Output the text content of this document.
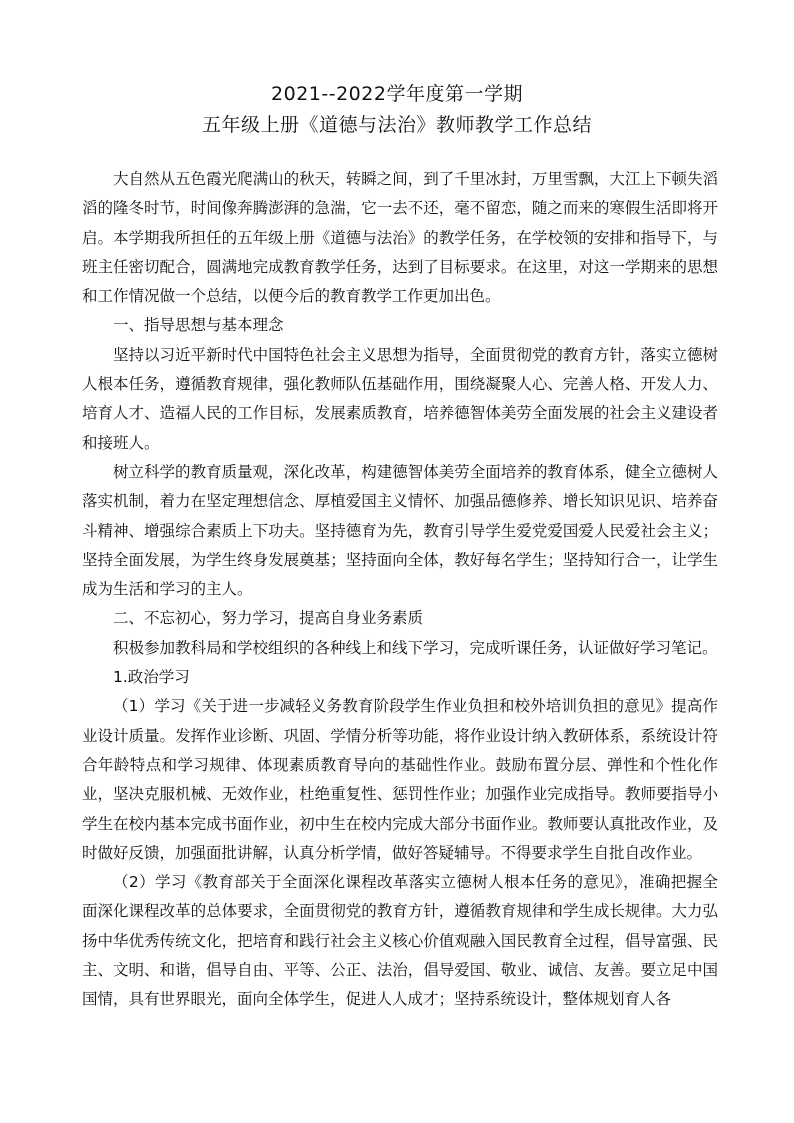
2021--2022学年度第一学期
五年级上册《道德与法治》教师教学工作总结

大自然从五色霞光爬满山的秋天，转瞬之间，到了千里冰封，万里雪飘，大江上下顿失滔滔的隆冬时节，时间像奔腾澎湃的急湍，它一去不还，毫不留恋，随之而来的寒假生活即将开启。本学期我所担任的五年级上册《道德与法治》的教学任务，在学校领的安排和指导下，与班主任密切配合，圆满地完成教育教学任务，达到了目标要求。在这里，对这一学期来的思想和工作情况做一个总结，以便今后的教育教学工作更加出色。

一、指导思想与基本理念

坚持以习近平新时代中国特色社会主义思想为指导，全面贯彻党的教育方针，落实立德树人根本任务，遵循教育规律，强化教师队伍基础作用，围绕凝聚人心、完善人格、开发人力、培育人才、造福人民的工作目标，发展素质教育，培养德智体美劳全面发展的社会主义建设者和接班人。

树立科学的教育质量观，深化改革，构建德智体美劳全面培养的教育体系，健全立德树人落实机制，着力在坚定理想信念、厚植爱国主义情怀、加强品德修养、增长知识见识、培养奋斗精神、增强综合素质上下功夫。坚持德育为先，教育引导学生爱党爱国爱人民爱社会主义；坚持全面发展，为学生终身发展奠基；坚持面向全体，教好每名学生；坚持知行合一，让学生成为生活和学习的主人。

二、不忘初心，努力学习，提高自身业务素质

积极参加教科局和学校组织的各种线上和线下学习，完成听课任务，认证做好学习笔记。

1.政治学习

（1）学习《关于进一步减轻义务教育阶段学生作业负担和校外培训负担的意见》提高作业设计质量。发挥作业诊断、巩固、学情分析等功能，将作业设计纳入教研体系，系统设计符合年龄特点和学习规律、体现素质教育导向的基础性作业。鼓励布置分层、弹性和个性化作业，坚决克服机械、无效作业，杜绝重复性、惩罚性作业；加强作业完成指导。教师要指导小学生在校内基本完成书面作业，初中生在校内完成大部分书面作业。教师要认真批改作业，及时做好反馈，加强面批讲解，认真分析学情，做好答疑辅导。不得要求学生自批自改作业。

（2）学习《教育部关于全面深化课程改革落实立德树人根本任务的意见》，准确把握全面深化课程改革的总体要求，全面贯彻党的教育方针，遵循教育规律和学生成长规律。大力弘扬中华优秀传统文化，把培育和践行社会主义核心价值观融入国民教育全过程，倡导富强、民主、文明、和谐，倡导自由、平等、公正、法治，倡导爱国、敬业、诚信、友善。要立足中国国情，具有世界眼光，面向全体学生，促进人人成才；坚持系统设计，整体规划育人各
